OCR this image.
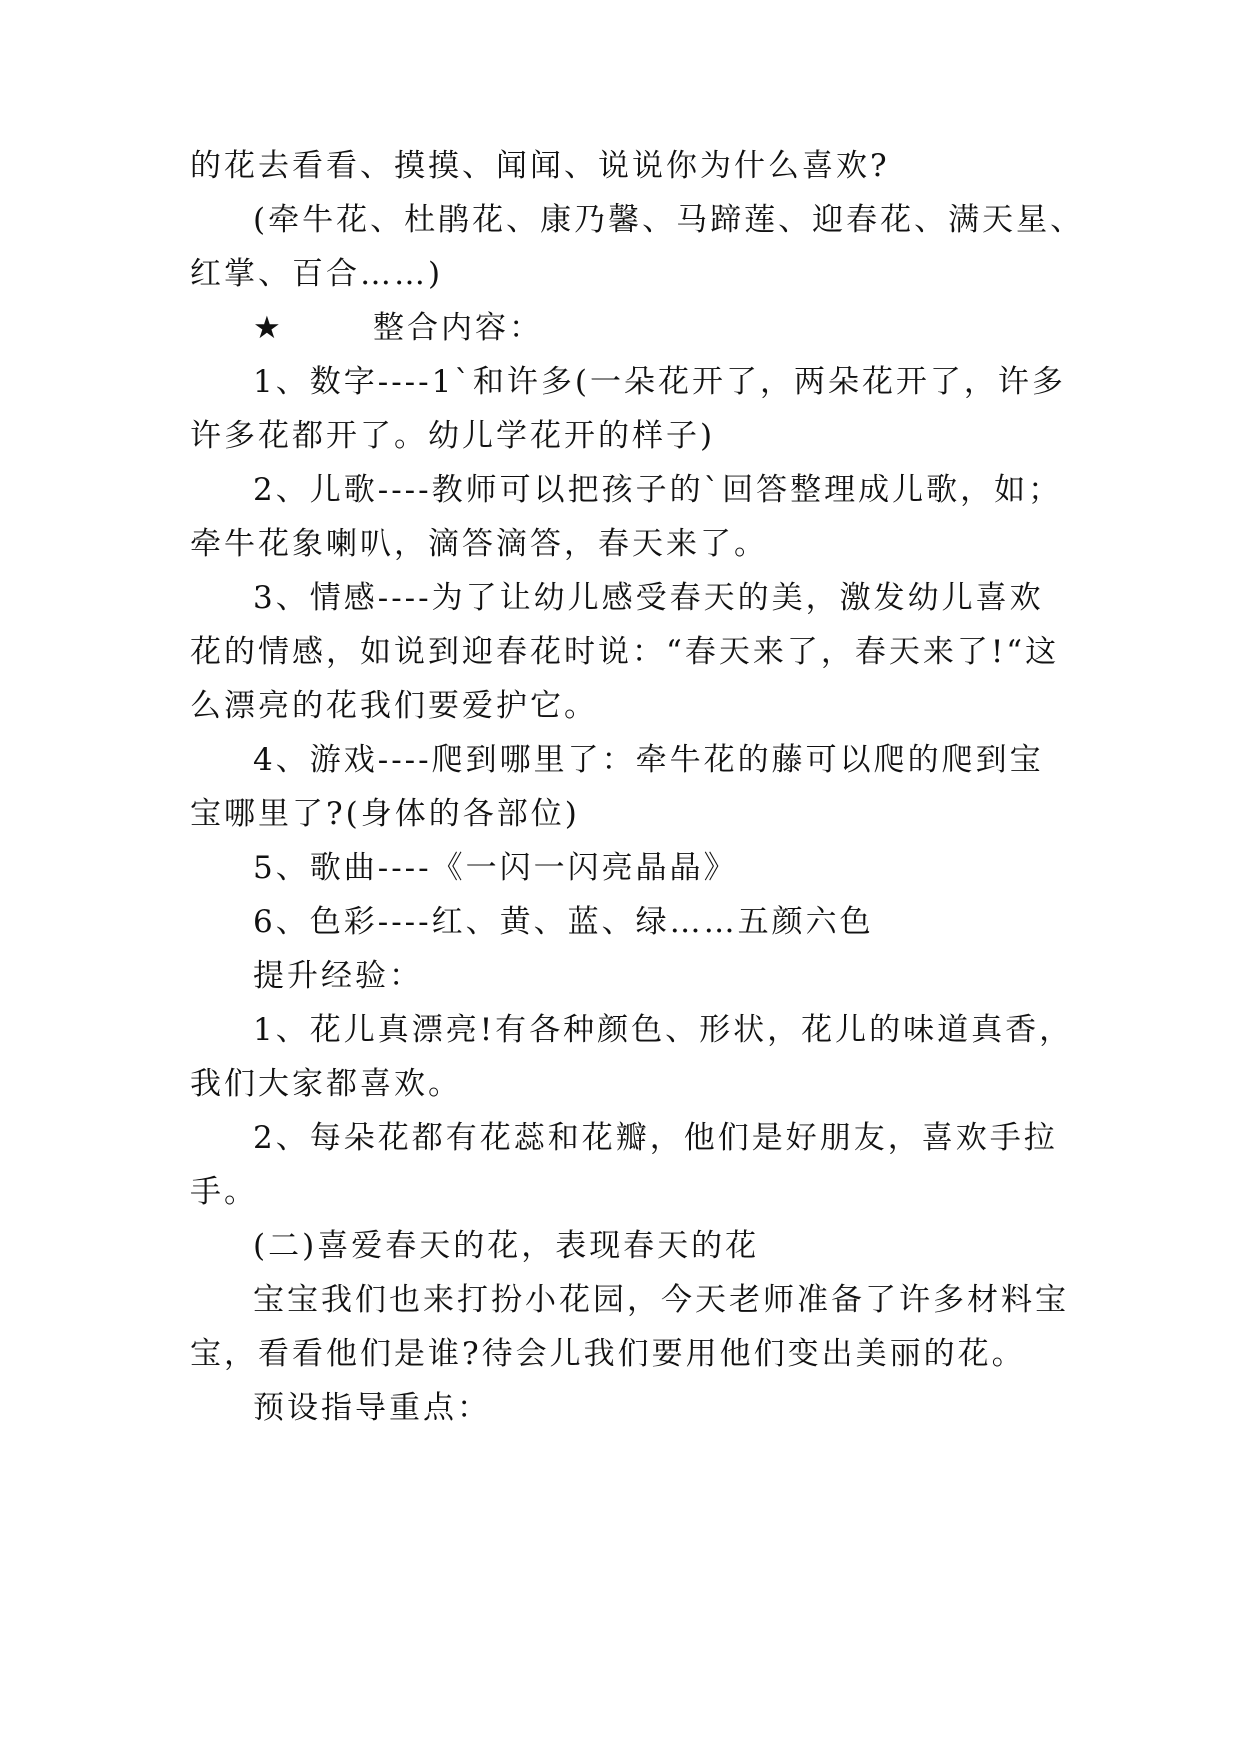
的花去看看、摸摸、闻闻、说说你为什么喜欢?
(牵牛花、杜鹃花、康乃馨、马蹄莲、迎春花、满天星、
红掌、百合……)
★	整合内容：
1、数字----1`和许多(一朵花开了，两朵花开了，许多
许多花都开了。幼儿学花开的样子)
2、儿歌----教师可以把孩子的`回答整理成儿歌，如；
牵牛花象喇叭，滴答滴答，春天来了。
3、情感----为了让幼儿感受春天的美，激发幼儿喜欢
花的情感，如说到迎春花时说：“春天来了，春天来了!“这
么漂亮的花我们要爱护它。
4、游戏----爬到哪里了：牵牛花的藤可以爬的爬到宝
宝哪里了?(身体的各部位)
5、歌曲----《一闪一闪亮晶晶》
6、色彩----红、黄、蓝、绿……五颜六色
提升经验：
1、花儿真漂亮!有各种颜色、形状，花儿的味道真香，
我们大家都喜欢。
2、每朵花都有花蕊和花瓣，他们是好朋友，喜欢手拉
手。
(二)喜爱春天的花，表现春天的花
宝宝我们也来打扮小花园，今天老师准备了许多材料宝
宝，看看他们是谁?待会儿我们要用他们变出美丽的花。
预设指导重点：
